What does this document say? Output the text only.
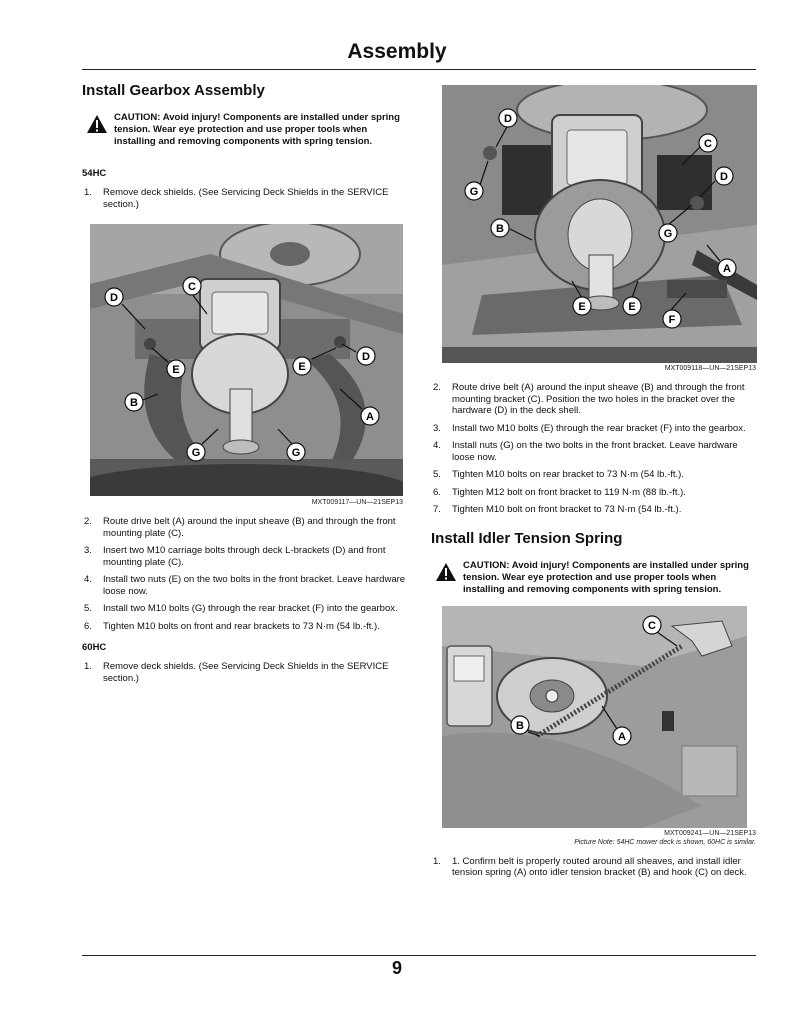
Assembly
Install Gearbox Assembly
CAUTION: Avoid injury! Components are installed under spring tension. Wear eye protection and use proper tools when installing and removing components with spring tension.
54HC
1.	Remove deck shields. (See Servicing Deck Shields in the SERVICE section.)
C
D
E	E
D
B
A
G	G
MXT009117—UN—21SEP13
2.	Route drive belt (A) around the input sheave (B) and through the front mounting plate (C).
3.	Insert two M10 carriage bolts through deck L-brackets (D) and front mounting plate (C).
4.	Install two nuts (E) on the two bolts in the front bracket. Leave hardware loose now.
5.	Install two M10 bolts (G) through the rear bracket (F) into the gearbox.
6.	Tighten M10 bolts on front and rear brackets to 73 N·m (54 lb.-ft.).
60HC
1.	Remove deck shields. (See Servicing Deck Shields in the SERVICE section.)
D
C
D
G
B	G
A
E	E
F
MXT009118—UN—21SEP13
2.	Route drive belt (A) around the input sheave (B) and through the front mounting bracket (C). Position the two holes in the bracket over the hardware (D) in the deck shell.
3.	Install two M10 bolts (E) through the rear bracket (F) into the gearbox.
4.	Install nuts (G) on the two bolts in the front bracket. Leave hardware loose now.
5.	Tighten M10 bolts on rear bracket to 73 N·m (54 lb.-ft.).
6.	Tighten M12 bolt on front bracket to 119 N·m (88 lb.-ft.).
7.	Tighten M10 bolt on front bracket to 73 N·m (54 lb.-ft.).
Install Idler Tension Spring
CAUTION: Avoid injury! Components are installed under spring tension. Wear eye protection and use proper tools when installing and removing components with spring tension.
C
B
A
MXT009241—UN—21SEP13
Picture Note: 54HC mower deck is shown, 60HC is similar.
1.	1. Confirm belt is properly routed around all sheaves, and install idler tension spring (A) onto idler tension bracket (B) and hook (C) on deck.
9
